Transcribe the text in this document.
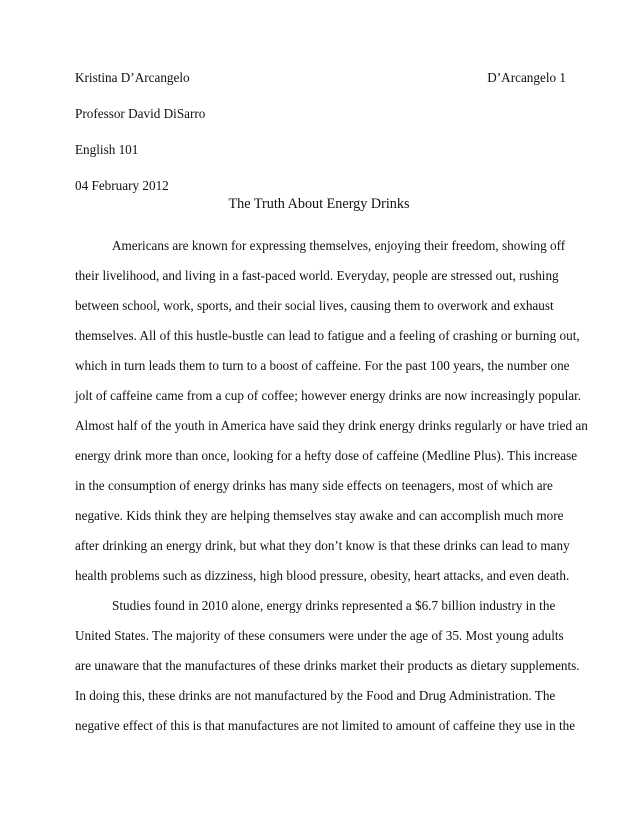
D’Arcangelo 1
Kristina D’Arcangelo
Professor David DiSarro
English 101
04 February 2012
The Truth About Energy Drinks
Americans are known for expressing themselves, enjoying their freedom, showing off
their livelihood, and living in a fast-paced world. Everyday, people are stressed out, rushing
between school, work, sports, and their social lives, causing them to overwork and exhaust
themselves. All of this hustle-bustle can lead to fatigue and a feeling of crashing or burning out,
which in turn leads them to turn to a boost of caffeine. For the past 100 years, the number one
jolt of caffeine came from a cup of coffee; however energy drinks are now increasingly popular.
Almost half of the youth in America have said they drink energy drinks regularly or have tried an
energy drink more than once, looking for a hefty dose of caffeine (Medline Plus). This increase
in the consumption of energy drinks has many side effects on teenagers, most of which are
negative. Kids think they are helping themselves stay awake and can accomplish much more
after drinking an energy drink, but what they don’t know is that these drinks can lead to many
health problems such as dizziness, high blood pressure, obesity, heart attacks, and even death.
Studies found in 2010 alone, energy drinks represented a $6.7 billion industry in the
United States. The majority of these consumers were under the age of 35. Most young adults
are unaware that the manufactures of these drinks market their products as dietary supplements.
In doing this, these drinks are not manufactured by the Food and Drug Administration. The
negative effect of this is that manufactures are not limited to amount of caffeine they use in the
